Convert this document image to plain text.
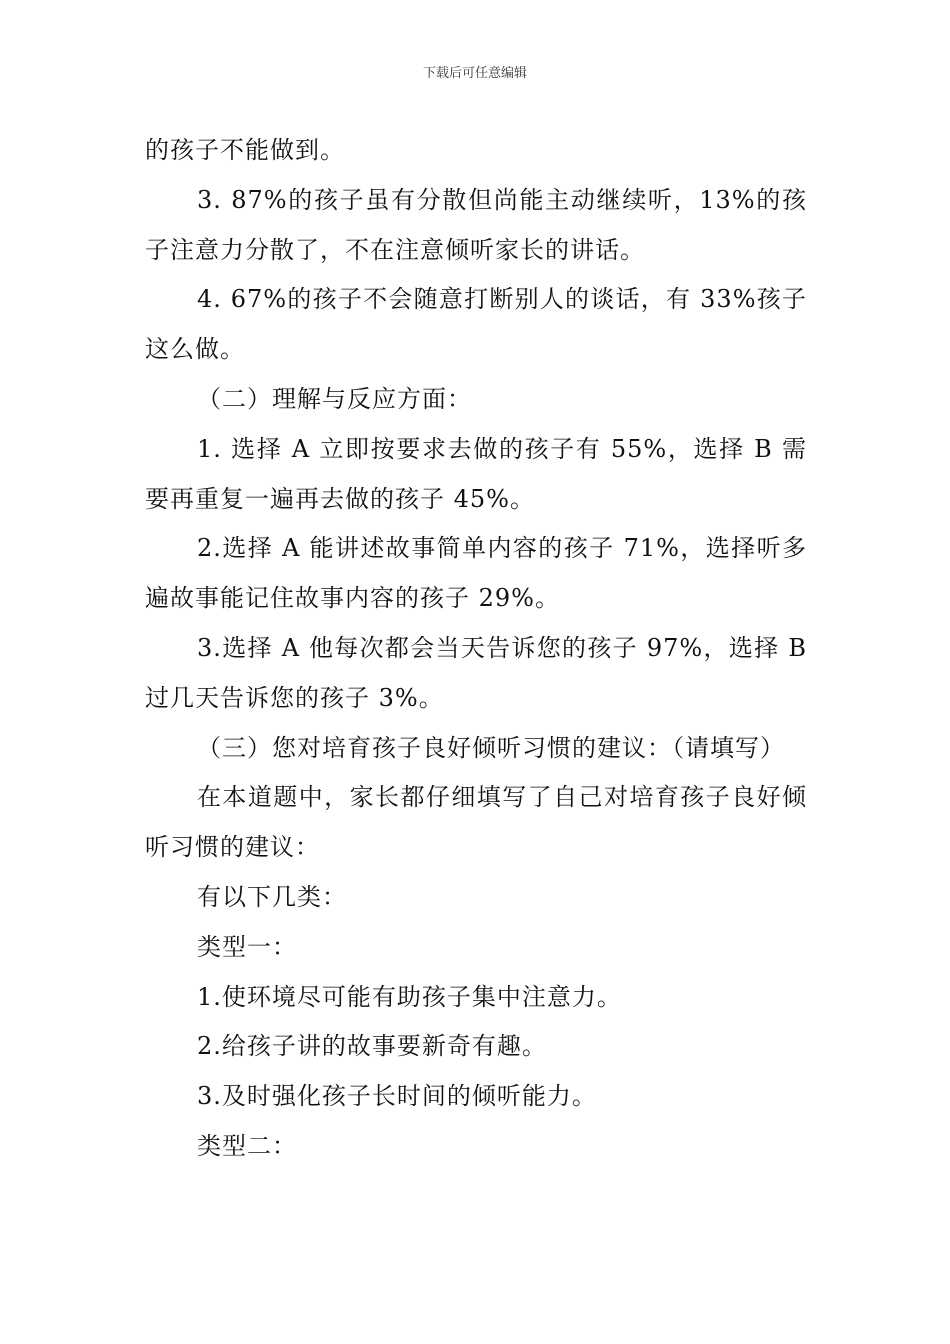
下载后可任意编辑

的孩子不能做到。

3. 87%的孩子虽有分散但尚能主动继续听，13%的孩子注意力分散了，不在注意倾听家长的讲话。

4. 67%的孩子不会随意打断别人的谈话，有 33%孩子这么做。

（二）理解与反应方面：

1. 选择 A 立即按要求去做的孩子有 55%，选择 B 需要再重复一遍再去做的孩子 45%。

2.选择 A 能讲述故事简单内容的孩子 71%，选择听多遍故事能记住故事内容的孩子 29%。

3.选择 A 他每次都会当天告诉您的孩子 97%，选择 B 过几天告诉您的孩子 3%。

（三）您对培育孩子良好倾听习惯的建议：（请填写）

在本道题中，家长都仔细填写了自己对培育孩子良好倾听习惯的建议：

有以下几类：

类型一：

1.使环境尽可能有助孩子集中注意力。

2.给孩子讲的故事要新奇有趣。

3.及时强化孩子长时间的倾听能力。

类型二：
